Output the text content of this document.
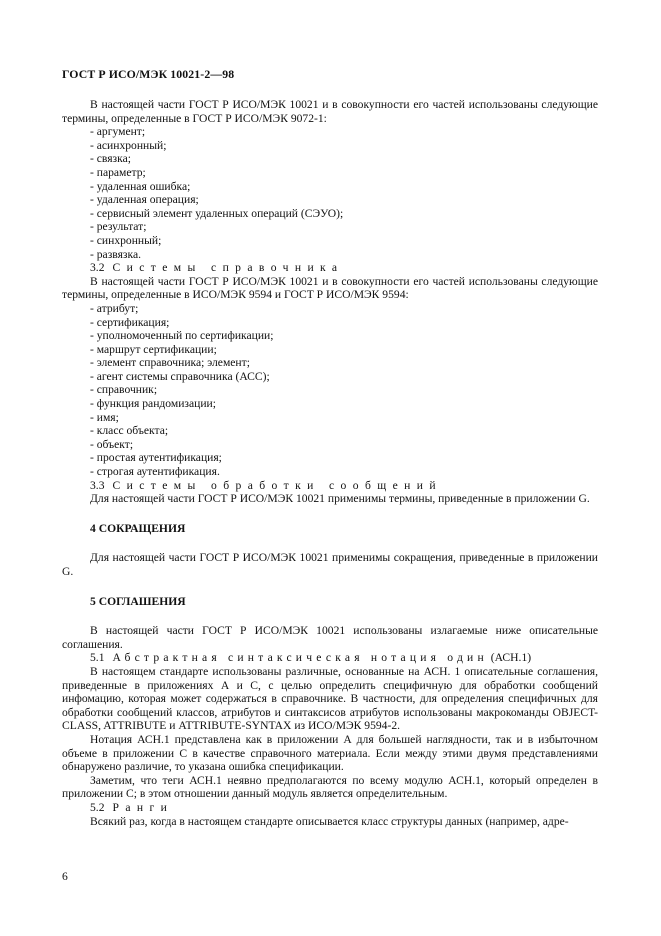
ГОСТ Р ИСО/МЭК 10021-2—98

В настоящей части ГОСТ Р ИСО/МЭК 10021 и в совокупности его частей использованы следующие термины, определенные в ГОСТ Р ИСО/МЭК 9072-1:

- аргумент;
- асинхронный;
- связка;
- параметр;
- удаленная ошибка;
- удаленная операция;
- сервисный элемент удаленных операций (СЭУО);
- результат;
- синхронный;
- развязка.
3.2 Системы справочника

В настоящей части ГОСТ Р ИСО/МЭК 10021 и в совокупности его частей использованы следующие термины, определенные в ИСО/МЭК 9594 и ГОСТ Р ИСО/МЭК 9594:

- атрибут;
- сертификация;
- уполномоченный по сертификации;
- маршрут сертификации;
- элемент справочника; элемент;
- агент системы справочника (АСС);
- справочник;
- функция рандомизации;
- имя;
- класс объекта;
- объект;
- простая аутентификация;
- строгая аутентификация.
3.3 Системы обработки сообщений

Для настоящей части ГОСТ Р ИСО/МЭК 10021 применимы термины, приведенные в приложении G.

4 СОКРАЩЕНИЯ

Для настоящей части ГОСТ Р ИСО/МЭК 10021 применимы сокращения, приведенные в приложении G.

5 СОГЛАШЕНИЯ

В настоящей части ГОСТ Р ИСО/МЭК 10021 использованы излагаемые ниже описательные соглашения.

5.1 Абстрактная синтаксическая нотация один (АСН.1)

В настоящем стандарте использованы различные, основанные на АСН. 1 описательные соглашения, приведенные в приложениях А и С, с целью определить специфичную для обработки сообщений инфомацию, которая может содержаться в справочнике. В частности, для определения специфичных для обработки сообщений классов, атрибутов и синтаксисов атрибутов использованы макрокоманды OBJECT-CLASS, ATTRIBUTE и ATTRIBUTE-SYNTAX из ИСО/МЭК 9594-2.

Нотация АСН.1 представлена как в приложении А для большей наглядности, так и в избыточном объеме в приложении С в качестве справочного материала. Если между этими двумя представлениями обнаружено различие, то указана ошибка спецификации.

Заметим, что теги АСН.1 неявно предполагаются по всему модулю АСН.1, который определен в приложении С; в этом отношении данный модуль является определительным.

5.2 Ранги

Всякий раз, когда в настоящем стандарте описывается класс структуры данных (например, адре-

6
